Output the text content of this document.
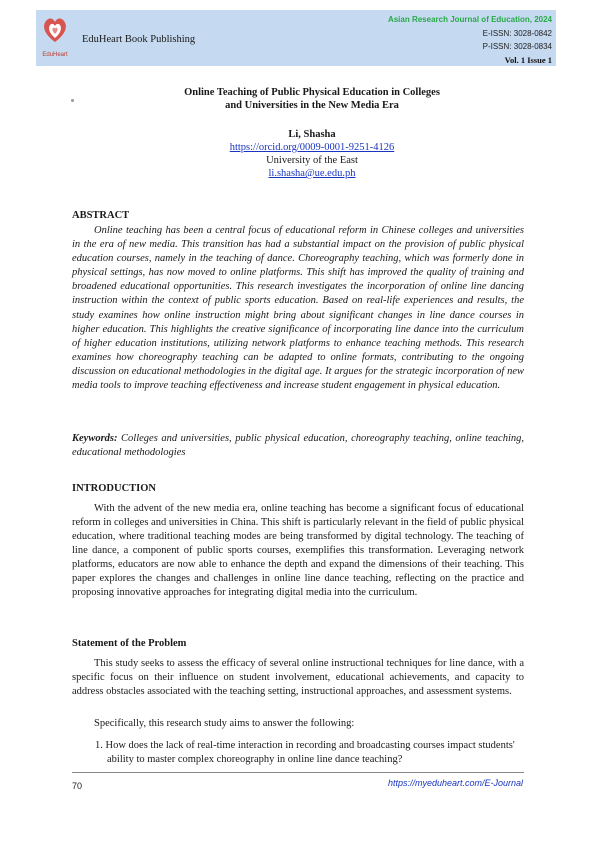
EduHeart
EduHeart Book Publishing
Asian Research Journal of Education, 2024
E-ISSN: 3028-0842
P-ISSN: 3028-0834
Vol. 1 Issue 1
Online Teaching of Public Physical Education in Colleges
and Universities in the New Media Era
Li, Shasha
https://orcid.org/0009-0001-9251-4126
University of the East
li.shasha@ue.edu.ph
ABSTRACT
Online teaching has been a central focus of educational reform in Chinese colleges and universities in the era of new media. This transition has had a substantial impact on the provision of public physical education courses, namely in the teaching of dance. Choreography teaching, which was formerly done in physical settings, has now moved to online platforms. This shift has improved the quality of training and broadened educational opportunities. This research investigates the incorporation of online line dancing instruction within the context of public sports education. Based on real-life experiences and results, the study examines how online instruction might bring about significant changes in line dance courses in higher education. This highlights the creative significance of incorporating line dance into the curriculum of higher education institutions, utilizing network platforms to enhance teaching methods. This research examines how choreography teaching can be adapted to online formats, contributing to the ongoing discussion on educational methodologies in the digital age. It argues for the strategic incorporation of new media tools to improve teaching effectiveness and increase student engagement in physical education.
Keywords: Colleges and universities, public physical education, choreography teaching, online teaching, educational methodologies
INTRODUCTION
With the advent of the new media era, online teaching has become a significant focus of educational reform in colleges and universities in China. This shift is particularly relevant in the field of public physical education, where traditional teaching modes are being transformed by digital technology. The teaching of line dance, a component of public sports courses, exemplifies this transformation. Leveraging network platforms, educators are now able to enhance the depth and expand the dimensions of their teaching. This paper explores the changes and challenges in online line dance teaching, reflecting on the practice and proposing innovative approaches for integrating digital media into the curriculum.
Statement of the Problem
This study seeks to assess the efficacy of several online instructional techniques for line dance, with a specific focus on their influence on student involvement, educational achievements, and capacity to address obstacles associated with the teaching setting, instructional approaches, and assessment systems.
Specifically, this research study aims to answer the following:
1. How does the lack of real-time interaction in recording and broadcasting courses impact students' ability to master complex choreography in online line dance teaching?
70	https://myeduheart.com/E-Journal
